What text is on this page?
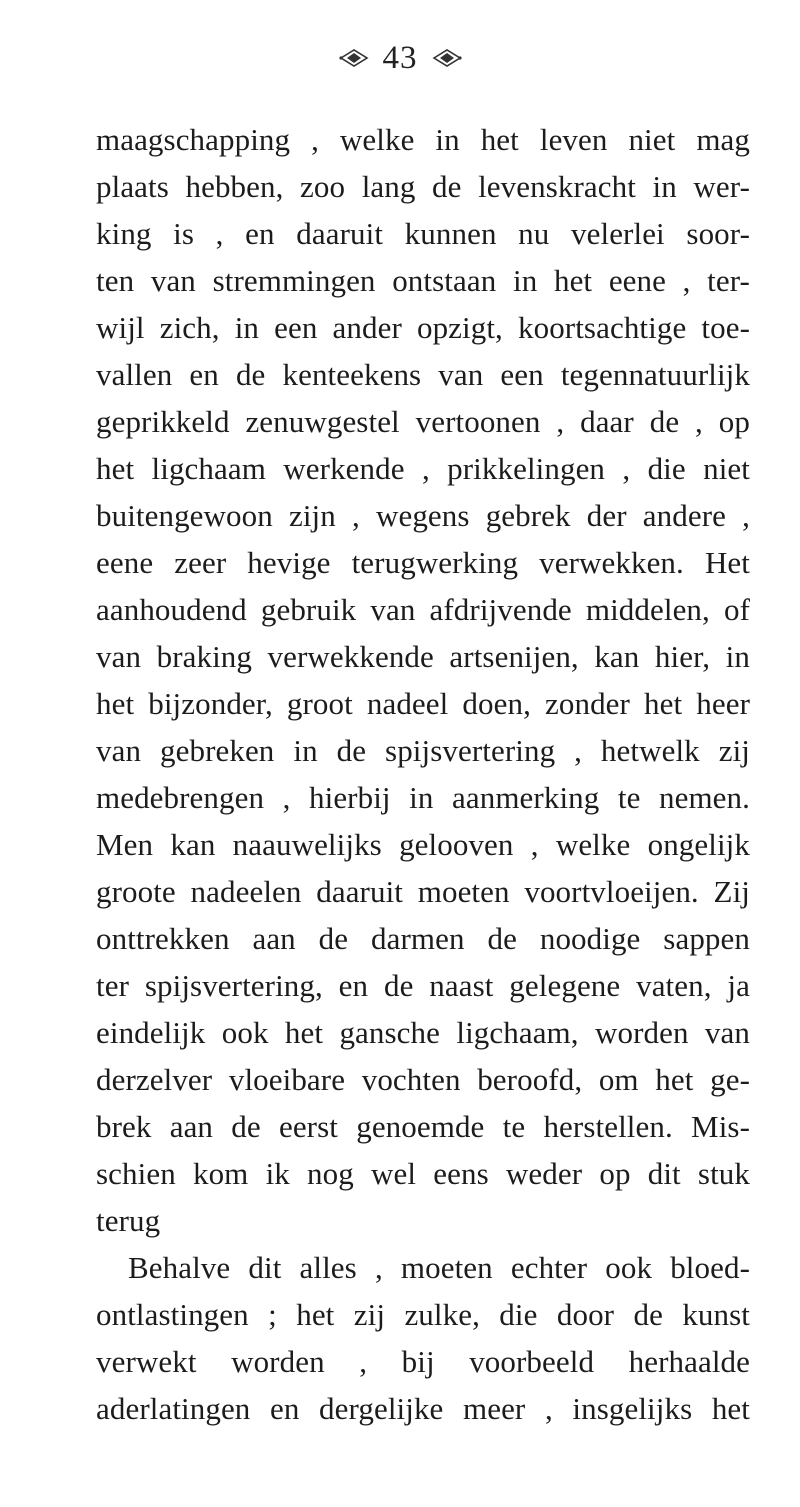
43
maagschapping , welke in het leven niet mag
plaats hebben, zoo lang de levenskracht in wer-
king is , en daaruit kunnen nu velerlei soor-
ten van stremmingen ontstaan in het eene , ter-
wijl zich, in een ander opzigt, koortsachtige toe-
vallen en de kenteekens van een tegennatuurlijk
geprikkeld zenuwgestel vertoonen , daar de , op
het ligchaam werkende , prikkelingen , die niet
buitengewoon zijn , wegens gebrek der andere ,
eene zeer hevige terugwerking verwekken. Het
aanhoudend gebruik van afdrijvende middelen, of
van braking verwekkende artsenijen, kan hier, in
het bijzonder, groot nadeel doen, zonder het heer
van gebreken in de spijsvertering , hetwelk zij
medebrengen , hierbij in aanmerking te nemen.
Men kan naauwelijks gelooven , welke ongelijk
groote nadeelen daaruit moeten voortvloeijen. Zij
onttrekken aan de darmen de noodige sappen
ter spijsvertering, en de naast gelegene vaten, ja
eindelijk ook het gansche ligchaam, worden van
derzelver vloeibare vochten beroofd, om het ge-
brek aan de eerst genoemde te herstellen. Mis-
schien kom ik nog wel eens weder op dit stuk
terug
Behalve dit alles , moeten echter ook bloed-
ontlastingen ; het zij zulke, die door de kunst
verwekt worden , bij voorbeeld herhaalde
aderlatingen en dergelijke meer , insgelijks het
